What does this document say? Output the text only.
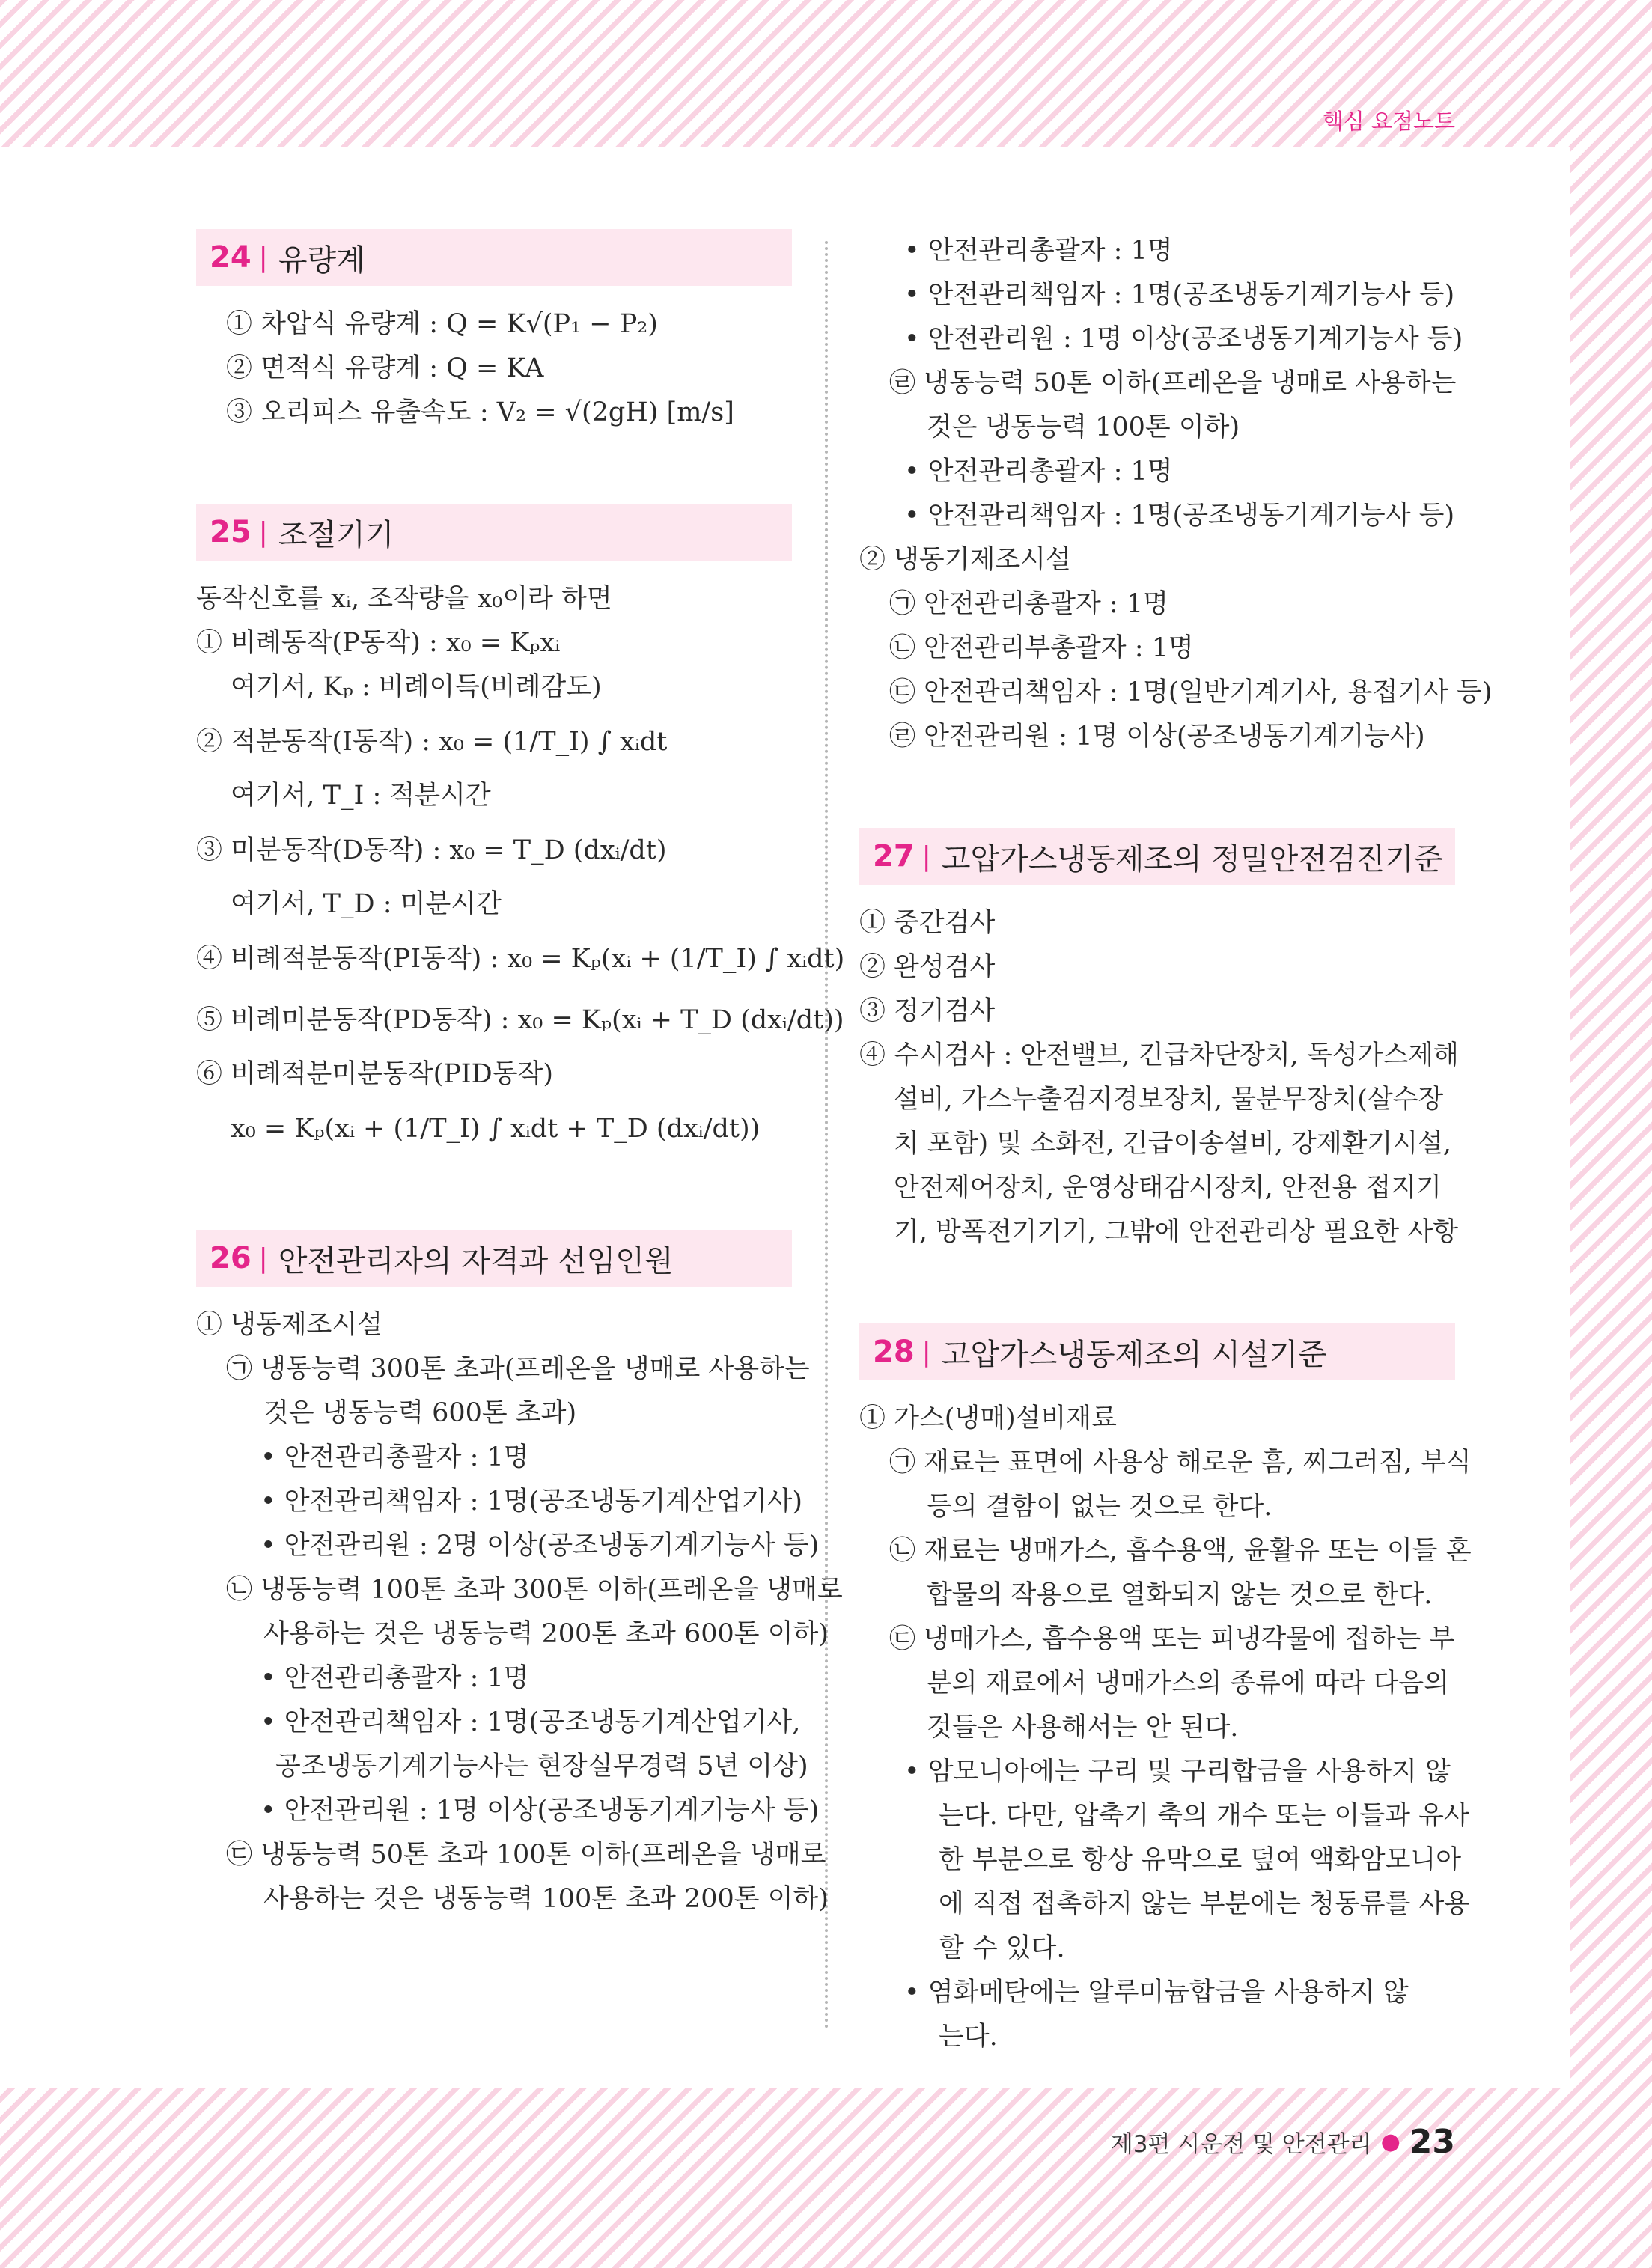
핵심 요점노트
24 | 유량계
① 차압식 유량계 : Q = K√(P₁ − P₂)
② 면적식 유량계 : Q = KA
③ 오리피스 유출속도 : V₂ = √(2gH) [m/s]
25 | 조절기기
동작신호를 xᵢ, 조작량을 x₀이라 하면
① 비례동작(P동작) : x₀ = Kₚxᵢ
여기서, Kₚ : 비례이득(비례감도)
② 적분동작(I동작) : x₀ = (1/T_I) ∫ xᵢdt
여기서, T_I : 적분시간
③ 미분동작(D동작) : x₀ = T_D (dxᵢ/dt)
여기서, T_D : 미분시간
④ 비례적분동작(PI동작) : x₀ = Kₚ(xᵢ + (1/T_I) ∫ xᵢdt)
⑤ 비례미분동작(PD동작) : x₀ = Kₚ(xᵢ + T_D (dxᵢ/dt))
⑥ 비례적분미분동작(PID동작)
x₀ = Kₚ(xᵢ + (1/T_I) ∫ xᵢdt + T_D (dxᵢ/dt))
26 | 안전관리자의 자격과 선임인원
① 냉동제조시설
㉠ 냉동능력 300톤 초과(프레온을 냉매로 사용하는
것은 냉동능력 600톤 초과)
• 안전관리총괄자 : 1명
• 안전관리책임자 : 1명(공조냉동기계산업기사)
• 안전관리원 : 2명 이상(공조냉동기계기능사 등)
㉡ 냉동능력 100톤 초과 300톤 이하(프레온을 냉매로
사용하는 것은 냉동능력 200톤 초과 600톤 이하)
• 안전관리총괄자 : 1명
• 안전관리책임자 : 1명(공조냉동기계산업기사,
공조냉동기계기능사는 현장실무경력 5년 이상)
• 안전관리원 : 1명 이상(공조냉동기계기능사 등)
㉢ 냉동능력 50톤 초과 100톤 이하(프레온을 냉매로
사용하는 것은 냉동능력 100톤 초과 200톤 이하)
• 안전관리총괄자 : 1명
• 안전관리책임자 : 1명(공조냉동기계기능사 등)
• 안전관리원 : 1명 이상(공조냉동기계기능사 등)
㉣ 냉동능력 50톤 이하(프레온을 냉매로 사용하는
것은 냉동능력 100톤 이하)
• 안전관리총괄자 : 1명
• 안전관리책임자 : 1명(공조냉동기계기능사 등)
② 냉동기제조시설
㉠ 안전관리총괄자 : 1명
㉡ 안전관리부총괄자 : 1명
㉢ 안전관리책임자 : 1명(일반기계기사, 용접기사 등)
㉣ 안전관리원 : 1명 이상(공조냉동기계기능사)
27 | 고압가스냉동제조의 정밀안전검진기준
① 중간검사
② 완성검사
③ 정기검사
④ 수시검사 : 안전밸브, 긴급차단장치, 독성가스제해
설비, 가스누출검지경보장치, 물분무장치(살수장
치 포함) 및 소화전, 긴급이송설비, 강제환기시설,
안전제어장치, 운영상태감시장치, 안전용 접지기
기, 방폭전기기기, 그밖에 안전관리상 필요한 사항
28 | 고압가스냉동제조의 시설기준
① 가스(냉매)설비재료
㉠ 재료는 표면에 사용상 해로운 흠, 찌그러짐, 부식
등의 결함이 없는 것으로 한다.
㉡ 재료는 냉매가스, 흡수용액, 윤활유 또는 이들 혼
합물의 작용으로 열화되지 않는 것으로 한다.
㉢ 냉매가스, 흡수용액 또는 피냉각물에 접하는 부
분의 재료에서 냉매가스의 종류에 따라 다음의
것들은 사용해서는 안 된다.
• 암모니아에는 구리 및 구리합금을 사용하지 않
는다. 다만, 압축기 축의 개수 또는 이들과 유사
한 부분으로 항상 유막으로 덮여 액화암모니아
에 직접 접촉하지 않는 부분에는 청동류를 사용
할 수 있다.
• 염화메탄에는 알루미늄합금을 사용하지 않
는다.
제3편 시운전 및 안전관리 ● 23
